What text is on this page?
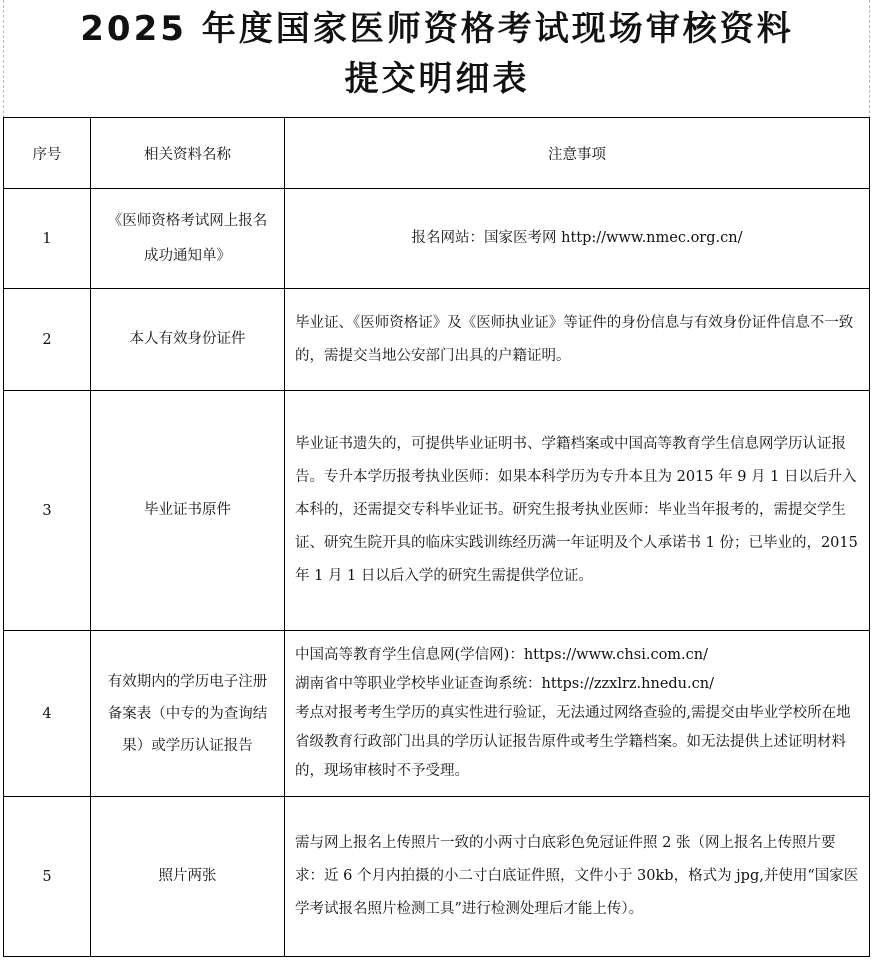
2025 年度国家医师资格考试现场审核资料
提交明细表
序号	相关资料名称	注意事项
1	《医师资格考试网上报名成功通知单》	报名网站：国家医考网 http://www.nmec.org.cn/

2	本人有效身份证件	毕业证、《医师资格证》及《医师执业证》等证件的身份信息与有效身份证件信息不一致的，需提交当地公安部门出具的户籍证明。

3	毕业证书原件	毕业证书遗失的，可提供毕业证明书、学籍档案或中国高等教育学生信息网学历认证报告。专升本学历报考执业医师：如果本科学历为专升本且为 2015 年 9 月 1 日以后升入本科的，还需提交专科毕业证书。研究生报考执业医师：毕业当年报考的，需提交学生证、研究生院开具的临床实践训练经历满一年证明及个人承诺书 1 份；已毕业的，2015 年 1 月 1 日以后入学的研究生需提供学位证。

4	有效期内的学历电子注册备案表（中专的为查询结果）或学历认证报告	中国高等教育学生信息网(学信网)：https://www.chsi.com.cn/

湖南省中等职业学校毕业证查询系统：https://zzxlrz.hnedu.cn/

考点对报考考生学历的真实性进行验证，无法通过网络查验的,需提交由毕业学校所在地省级教育行政部门出具的学历认证报告原件或考生学籍档案。如无法提供上述证明材料的，现场审核时不予受理。

5	照片两张	需与网上报名上传照片一致的小两寸白底彩色免冠证件照 2 张（网上报名上传照片要求：近 6 个月内拍摄的小二寸白底证件照，文件小于 30kb，格式为 jpg,并使用“国家医学考试报名照片检测工具”进行检测处理后才能上传）。
